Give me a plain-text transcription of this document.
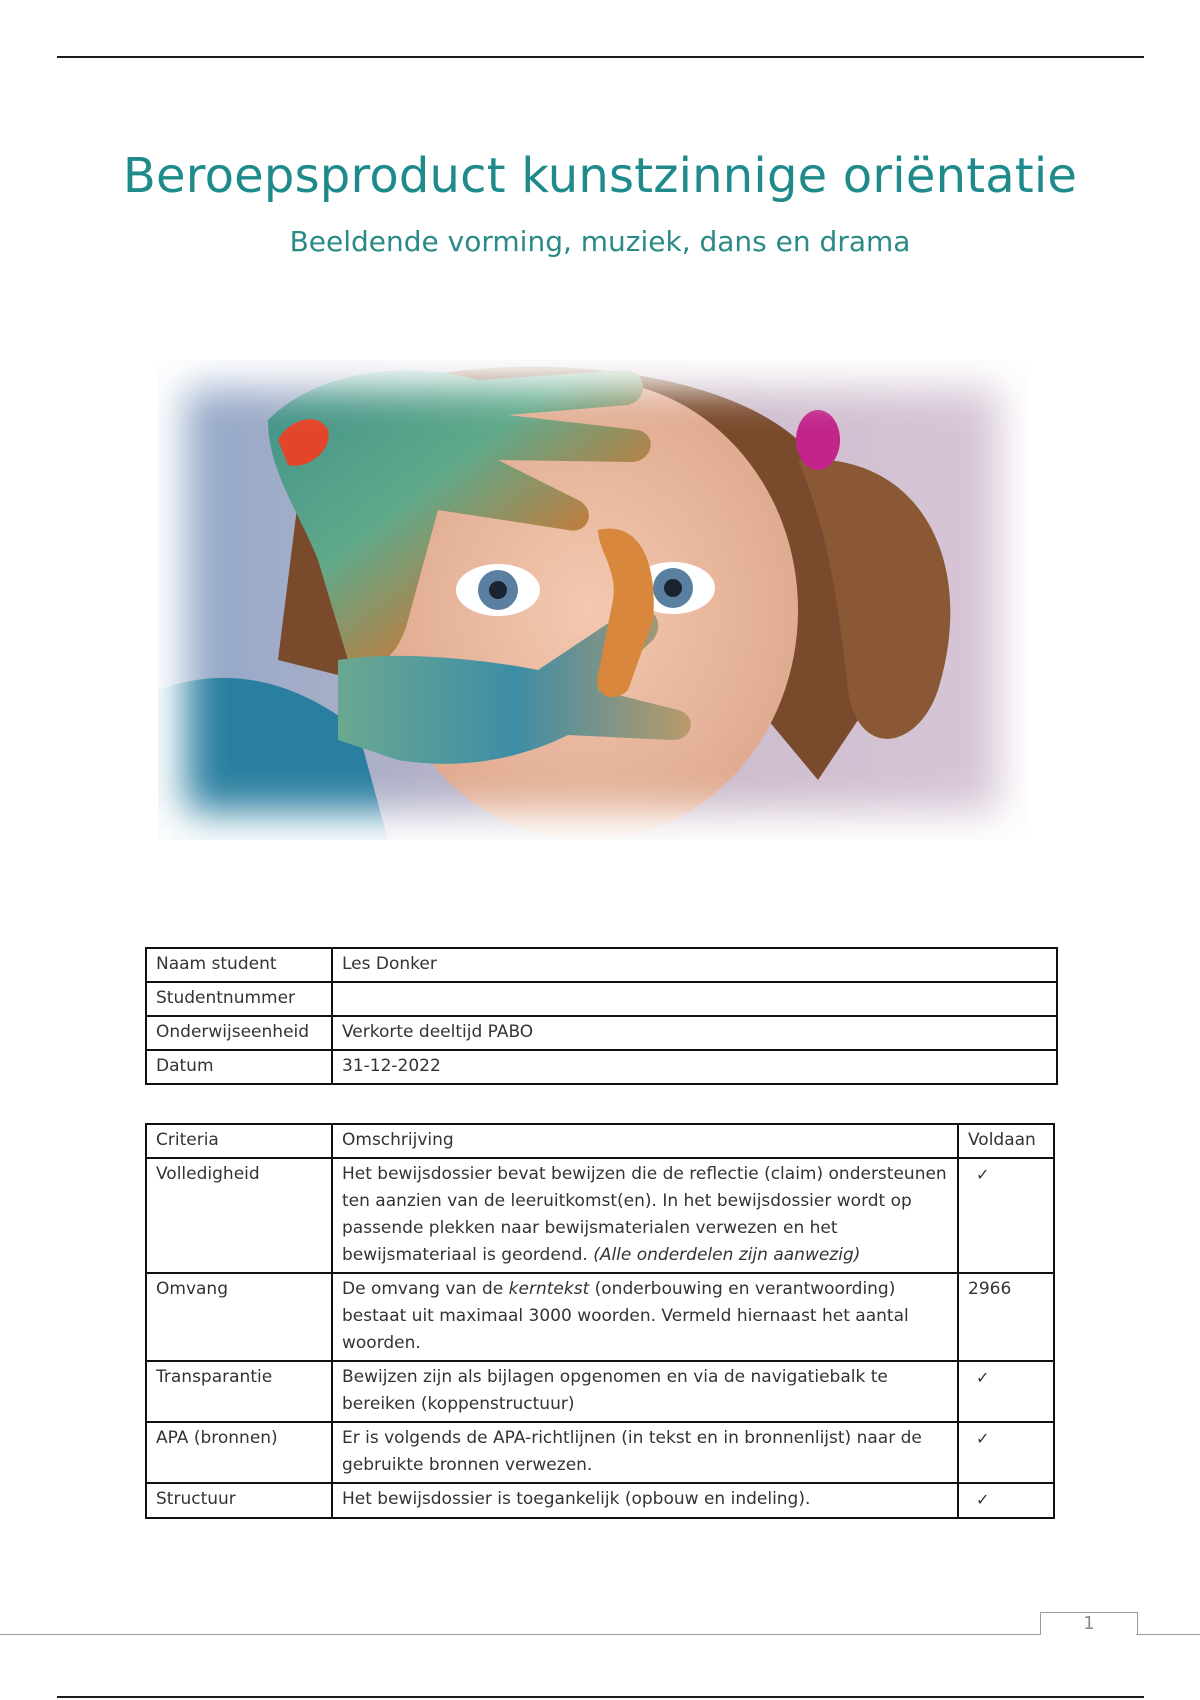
Beroepsproduct kunstzinnige oriëntatie
Beeldende vorming, muziek, dans en drama
Naam student	Les Donker
Studentnummer	
Onderwijseenheid	Verkorte deeltijd PABO
Datum	31-12-2022
Criteria	Omschrijving	Voldaan
Volledigheid	Het bewijsdossier bevat bewijzen die de reflectie (claim) ondersteunen ten aanzien van de leeruitkomst(en). In het bewijsdossier wordt op passende plekken naar bewijsmaterialen verwezen en het bewijsmateriaal is geordend. (Alle onderdelen zijn aanwezig)	✓
Omvang	De omvang van de kerntekst (onderbouwing en verantwoording) bestaat uit maximaal 3000 woorden. Vermeld hiernaast het aantal woorden.	2966
Transparantie	Bewijzen zijn als bijlagen opgenomen en via de navigatiebalk te bereiken (koppenstructuur)	✓
APA (bronnen)	Er is volgends de APA-richtlijnen (in tekst en in bronnenlijst) naar de gebruikte bronnen verwezen.	✓
Structuur	Het bewijsdossier is toegankelijk (opbouw en indeling).	✓
1
